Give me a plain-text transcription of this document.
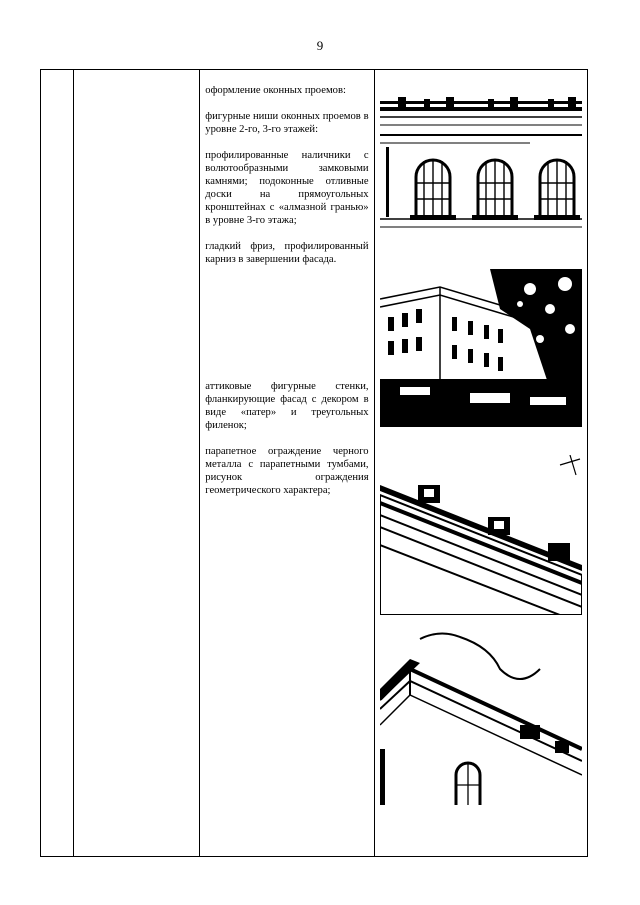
9

оформление оконных проемов:

фигурные ниши оконных проемов в уровне 2-го, 3-го этажей:

профилированные наличники с волютообразными замковыми камнями; подоконные отливные доски на прямоугольных кронштейнах с «алмазной гранью» в уровне 3-го этажа;

гладкий фриз, профилированный карниз в завершении фасада.

аттиковые фигурные стенки, фланкирующие фасад с декором в виде «патер» и треугольных филенок;

парапетное ограждение черного металла с парапетными тумбами, рисунок ограждения геометрического характера;
